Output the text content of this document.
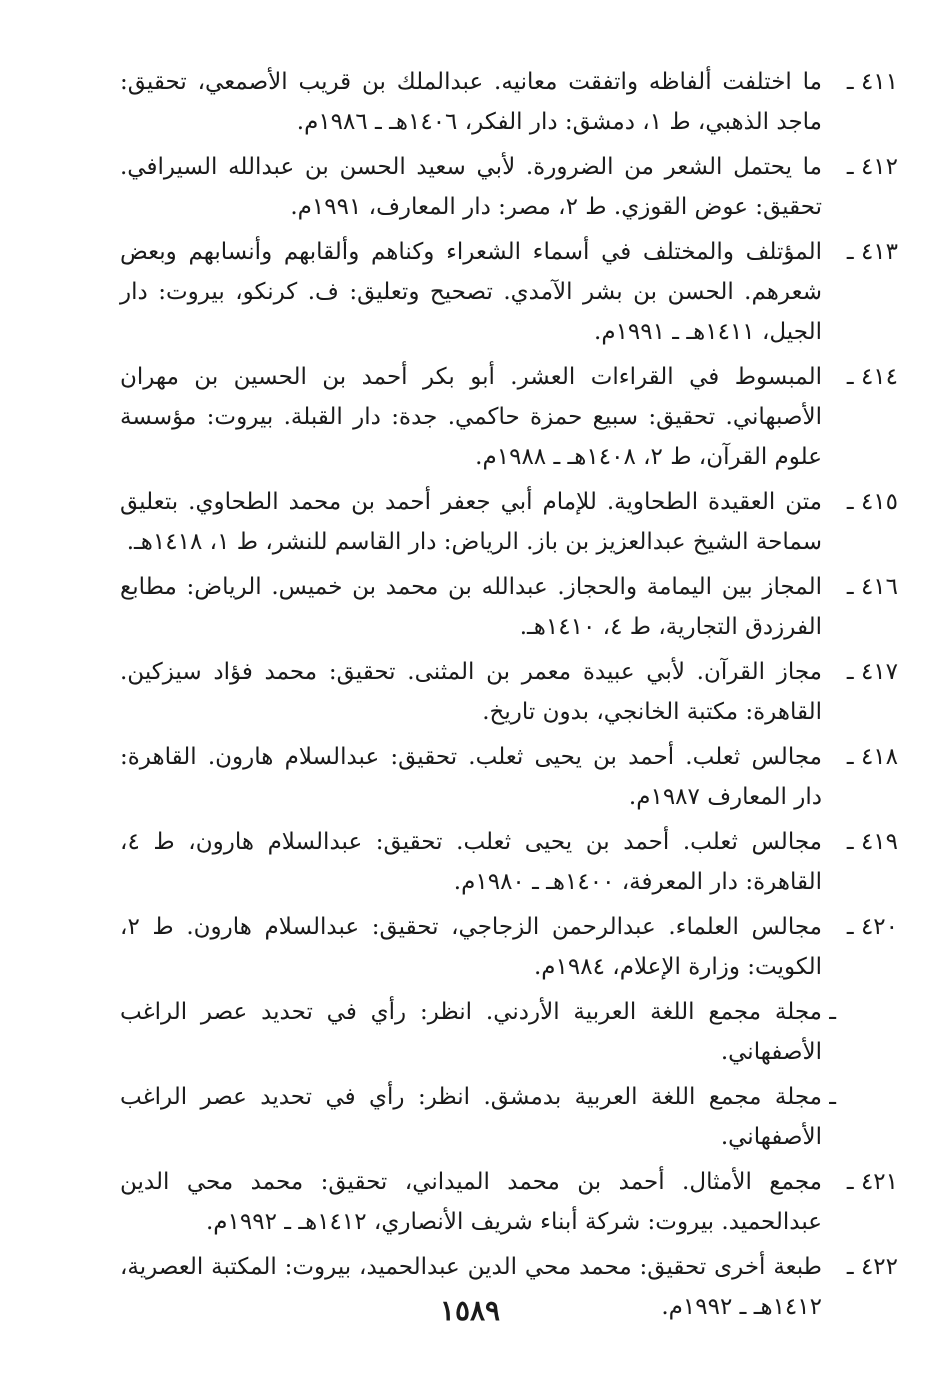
٤١١ ـ
ما اختلفت ألفاظه واتفقت معانيه. عبدالملك بن قريب الأصمعي، تحقيق: ماجد الذهبي، ط ١، دمشق: دار الفكر، ١٤٠٦هـ ـ ١٩٨٦م.
٤١٢ ـ
ما يحتمل الشعر من الضرورة. لأبي سعيد الحسن بن عبدالله السيرافي. تحقيق: عوض القوزي. ط ٢، مصر: دار المعارف، ١٩٩١م.
٤١٣ ـ
المؤتلف والمختلف في أسماء الشعراء وكناهم وألقابهم وأنسابهم وبعض شعرهم. الحسن بن بشر الآمدي. تصحيح وتعليق: ف. كرنكو، بيروت: دار الجيل، ١٤١١هـ ـ ١٩٩١م.
٤١٤ ـ
المبسوط في القراءات العشر. أبو بكر أحمد بن الحسين بن مهران الأصبهاني. تحقيق: سبيع حمزة حاكمي. جدة: دار القبلة. بيروت: مؤسسة علوم القرآن، ط ٢، ١٤٠٨هـ ـ ١٩٨٨م.
٤١٥ ـ
متن العقيدة الطحاوية. للإمام أبي جعفر أحمد بن محمد الطحاوي. بتعليق سماحة الشيخ عبدالعزيز بن باز. الرياض: دار القاسم للنشر، ط ١، ١٤١٨هـ.
٤١٦ ـ
المجاز بين اليمامة والحجاز. عبدالله بن محمد بن خميس. الرياض: مطابع الفرزدق التجارية، ط ٤، ١٤١٠هـ.
٤١٧ ـ
مجاز القرآن. لأبي عبيدة معمر بن المثنى. تحقيق: محمد فؤاد سيزكين. القاهرة: مكتبة الخانجي، بدون تاريخ.
٤١٨ ـ
مجالس ثعلب. أحمد بن يحيى ثعلب. تحقيق: عبدالسلام هارون. القاهرة: دار المعارف ١٩٨٧م.
٤١٩ ـ
مجالس ثعلب. أحمد بن يحيى ثعلب. تحقيق: عبدالسلام هارون، ط ٤، القاهرة: دار المعرفة، ١٤٠٠هـ ـ ١٩٨٠م.
٤٢٠ ـ
مجالس العلماء. عبدالرحمن الزجاجي، تحقيق: عبدالسلام هارون. ط ٢، الكويت: وزارة الإعلام، ١٩٨٤م.
ـ
مجلة مجمع اللغة العربية الأردني. انظر: رأي في تحديد عصر الراغب الأصفهاني.
ـ
مجلة مجمع اللغة العربية بدمشق. انظر: رأي في تحديد عصر الراغب الأصفهاني.
٤٢١ ـ
مجمع الأمثال. أحمد بن محمد الميداني، تحقيق: محمد محي الدين عبدالحميد. بيروت: شركة أبناء شريف الأنصاري، ١٤١٢هـ ـ ١٩٩٢م.
٤٢٢ ـ
طبعة أخرى تحقيق: محمد محي الدين عبدالحميد، بيروت: المكتبة العصرية، ١٤١٢هـ ـ ١٩٩٢م.
١٥٨٩
